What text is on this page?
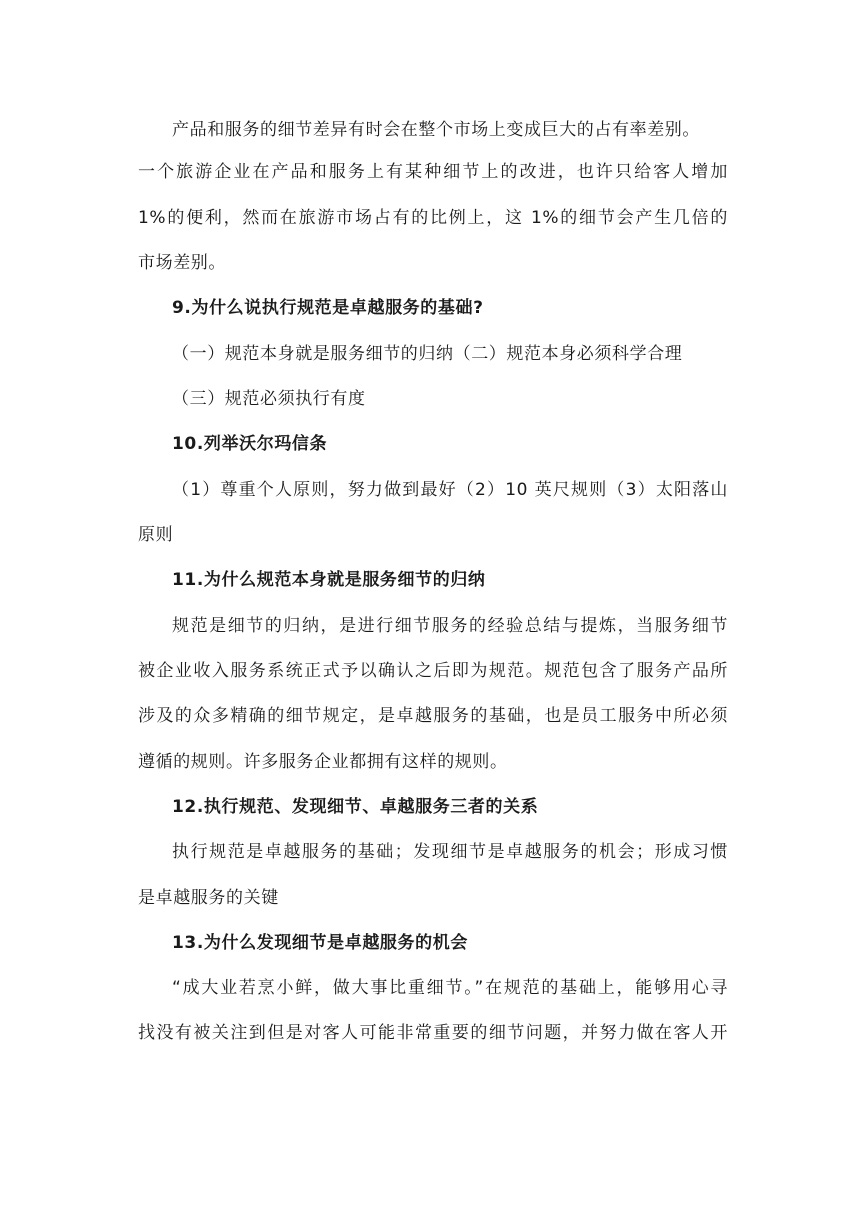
产品和服务的细节差异有时会在整个市场上变成巨大的占有率差别。
一个旅游企业在产品和服务上有某种细节上的改进，也许只给客人增加
1%的便利，然而在旅游市场占有的比例上，这 1%的细节会产生几倍的
市场差别。
9.为什么说执行规范是卓越服务的基础?
（一）规范本身就是服务细节的归纳（二）规范本身必须科学合理
（三）规范必须执行有度
10.列举沃尔玛信条
（1）尊重个人原则，努力做到最好（2）10 英尺规则（3）太阳落山
原则
11.为什么规范本身就是服务细节的归纳
规范是细节的归纳，是进行细节服务的经验总结与提炼，当服务细节
被企业收入服务系统正式予以确认之后即为规范。规范包含了服务产品所
涉及的众多精确的细节规定，是卓越服务的基础，也是员工服务中所必须
遵循的规则。许多服务企业都拥有这样的规则。
12.执行规范、发现细节、卓越服务三者的关系
执行规范是卓越服务的基础；发现细节是卓越服务的机会；形成习惯
是卓越服务的关键
13.为什么发现细节是卓越服务的机会
“成大业若烹小鲜，做大事比重细节。”在规范的基础上，能够用心寻
找没有被关注到但是对客人可能非常重要的细节问题，并努力做在客人开
